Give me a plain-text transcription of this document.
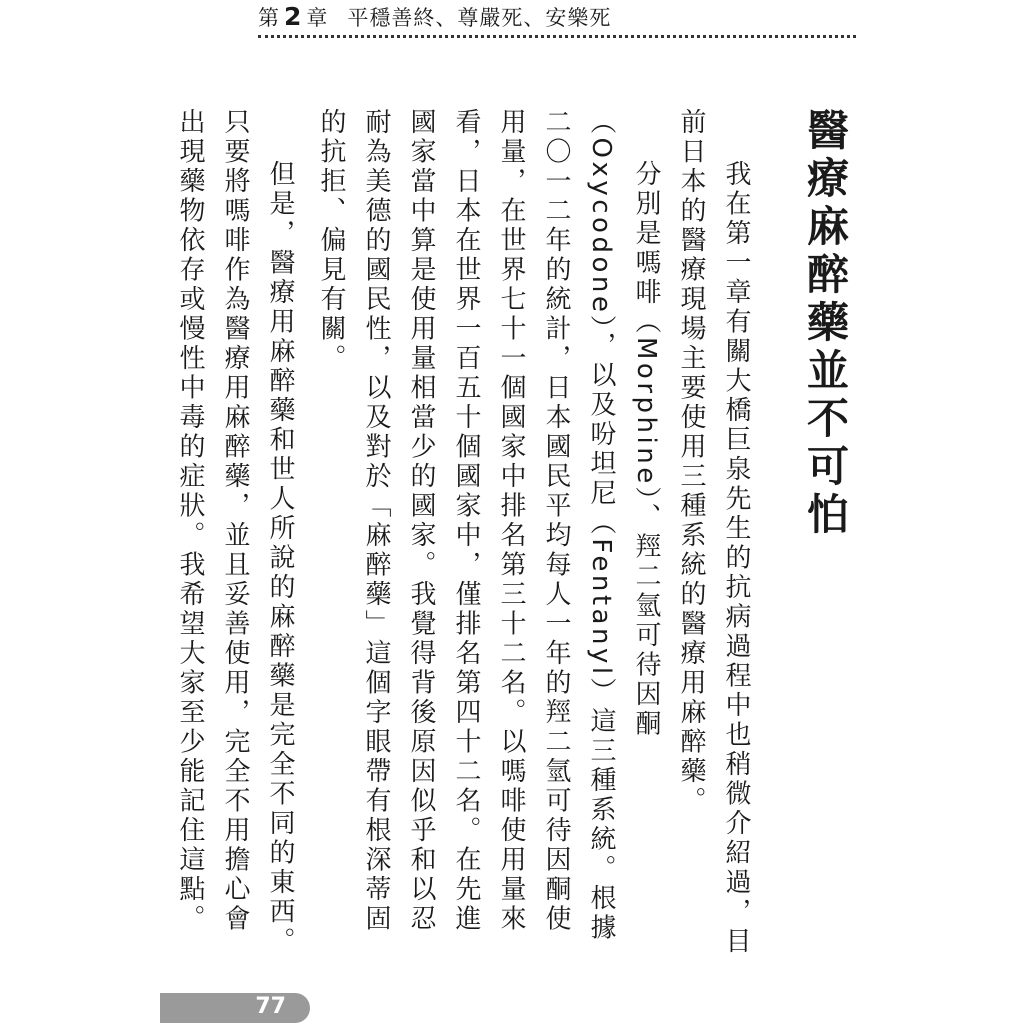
第 2 章 平穩善終、尊嚴死、安樂死
醫療麻醉藥並不可怕

我在第一章有關大橋巨泉先生的抗病過程中也稍微介紹過，目前日本的醫療現場主要使用三種系統的醫療用麻醉藥。

分別是嗎啡（Morphine）、羥二氫可待因酮（Oxycodone），以及吩坦尼（Fentanyl）這三種系統。根據二〇一二年的統計，日本國民平均每人一年的羥二氫可待因酮使用量，在世界七十一個國家中排名第三十二名。以嗎啡使用量來看，日本在世界一百五十個國家中，僅排名第四十二名。在先進國家當中算是使用量相當少的國家。我覺得背後原因似乎和以忍耐為美德的國民性，以及對於「麻醉藥」這個字眼帶有根深蒂固的抗拒、偏見有關。

但是，醫療用麻醉藥和世人所說的麻醉藥是完全不同的東西。只要將嗎啡作為醫療用麻醉藥，並且妥善使用，完全不用擔心會出現藥物依存或慢性中毒的症狀。我希望大家至少能記住這點。

77
